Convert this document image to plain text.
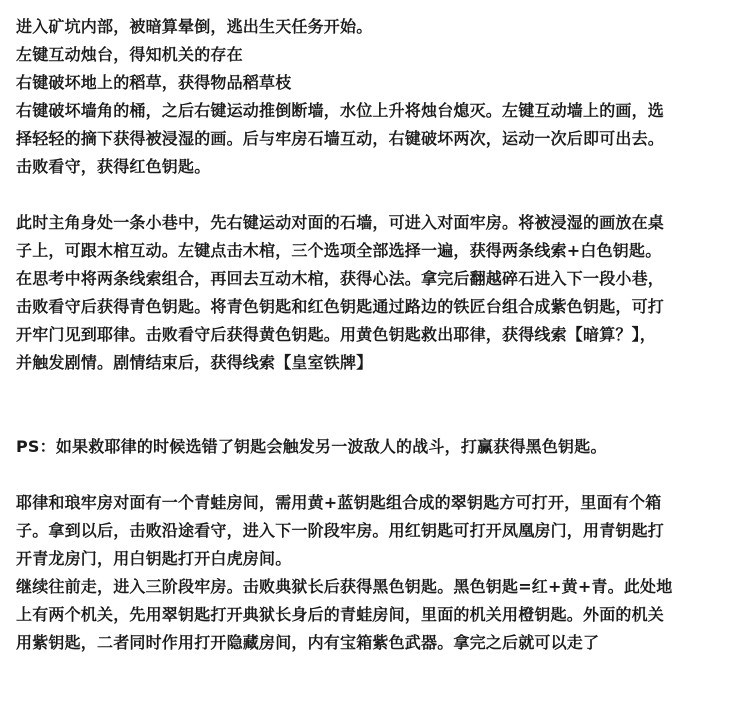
进入矿坑内部，被暗算晕倒，逃出生天任务开始。
左键互动烛台，得知机关的存在
右键破坏地上的稻草，获得物品稻草枝
右键破坏墙角的桶，之后右键运动推倒断墙，水位上升将烛台熄灭。左键互动墙上的画，选
择轻轻的摘下获得被浸湿的画。后与牢房石墙互动，右键破坏两次，运动一次后即可出去。
击败看守，获得红色钥匙。
此时主角身处一条小巷中，先右键运动对面的石墙，可进入对面牢房。将被浸湿的画放在桌
子上，可跟木棺互动。左键点击木棺，三个选项全部选择一遍，获得两条线索+白色钥匙。
在思考中将两条线索组合，再回去互动木棺，获得心法。拿完后翻越碎石进入下一段小巷，
击败看守后获得青色钥匙。将青色钥匙和红色钥匙通过路边的铁匠台组合成紫色钥匙，可打
开牢门见到耶律。击败看守后获得黄色钥匙。用黄色钥匙救出耶律，获得线索【暗算？】，
并触发剧情。剧情结束后，获得线索【皇室铁牌】
PS：如果救耶律的时候选错了钥匙会触发另一波敌人的战斗，打赢获得黑色钥匙。
耶律和琅牢房对面有一个青蛙房间，需用黄+蓝钥匙组合成的翠钥匙方可打开，里面有个箱
子。拿到以后，击败沿途看守，进入下一阶段牢房。用红钥匙可打开凤凰房门，用青钥匙打
开青龙房门，用白钥匙打开白虎房间。
继续往前走，进入三阶段牢房。击败典狱长后获得黑色钥匙。黑色钥匙=红+黄+青。此处地
上有两个机关，先用翠钥匙打开典狱长身后的青蛙房间，里面的机关用橙钥匙。外面的机关
用紫钥匙，二者同时作用打开隐藏房间，内有宝箱紫色武器。拿完之后就可以走了
